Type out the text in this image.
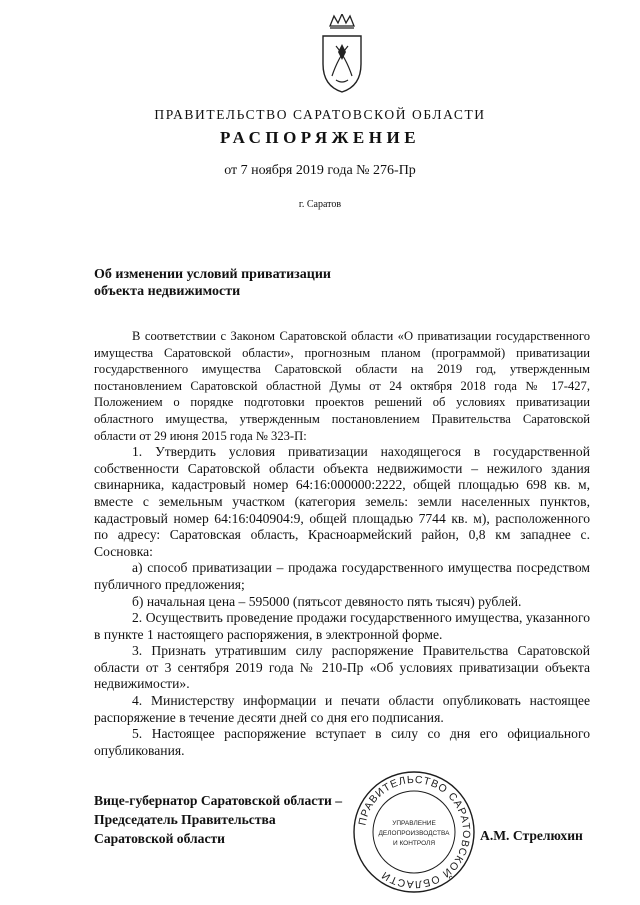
ПРАВИТЕЛЬСТВО САРАТОВСКОЙ ОБЛАСТИ
РАСПОРЯЖЕНИЕ
от 7 ноября 2019 года № 276-Пр
г. Саратов
Об изменении условий приватизации
объекта недвижимости

В соответствии с Законом Саратовской области «О приватизации государственного имущества Саратовской области», прогнозным планом (программой) приватизации государственного имущества Саратовской области на 2019 год, утвержденным постановлением Саратовской областной Думы от 24 октября 2018 года № 17-427, Положением о порядке подготовки проектов решений об условиях приватизации областного имущества, утвержденным постановлением Правительства Саратовской области от 29 июня 2015 года № 323-П:

1. Утвердить условия приватизации находящегося в государственной собственности Саратовской области объекта недвижимости – нежилого здания свинарника, кадастровый номер 64:16:000000:2222, общей площадью 698 кв. м, вместе с земельным участком (категория земель: земли населенных пунктов, кадастровый номер 64:16:040904:9, общей площадью 7744 кв. м), расположенного по адресу: Саратовская область, Красноармейский район, 0,8 км западнее с. Сосновка:

а) способ приватизации – продажа государственного имущества посредством публичного предложения;

б) начальная цена – 595000 (пятьсот девяносто пять тысяч) рублей.

2. Осуществить проведение продажи государственного имущества, указанного в пункте 1 настоящего распоряжения, в электронной форме.

3. Признать утратившим силу распоряжение Правительства Саратовской области от 3 сентября 2019 года № 210-Пр «Об условиях приватизации объекта недвижимости».

4. Министерству информации и печати области опубликовать настоящее распоряжение в течение десяти дней со дня его подписания.

5. Настоящее распоряжение вступает в силу со дня его официального опубликования.

Вице-губернатор Саратовской области –
Председатель Правительства
Саратовской области
ПРАВИТЕЛЬСТВО САРАТОВСКОЙ ОБЛАСТИ
УПРАВЛЕНИЕ
ДЕЛОПРОИЗВОДСТВА
И КОНТРОЛЯ
А.М. Стрелюхин
